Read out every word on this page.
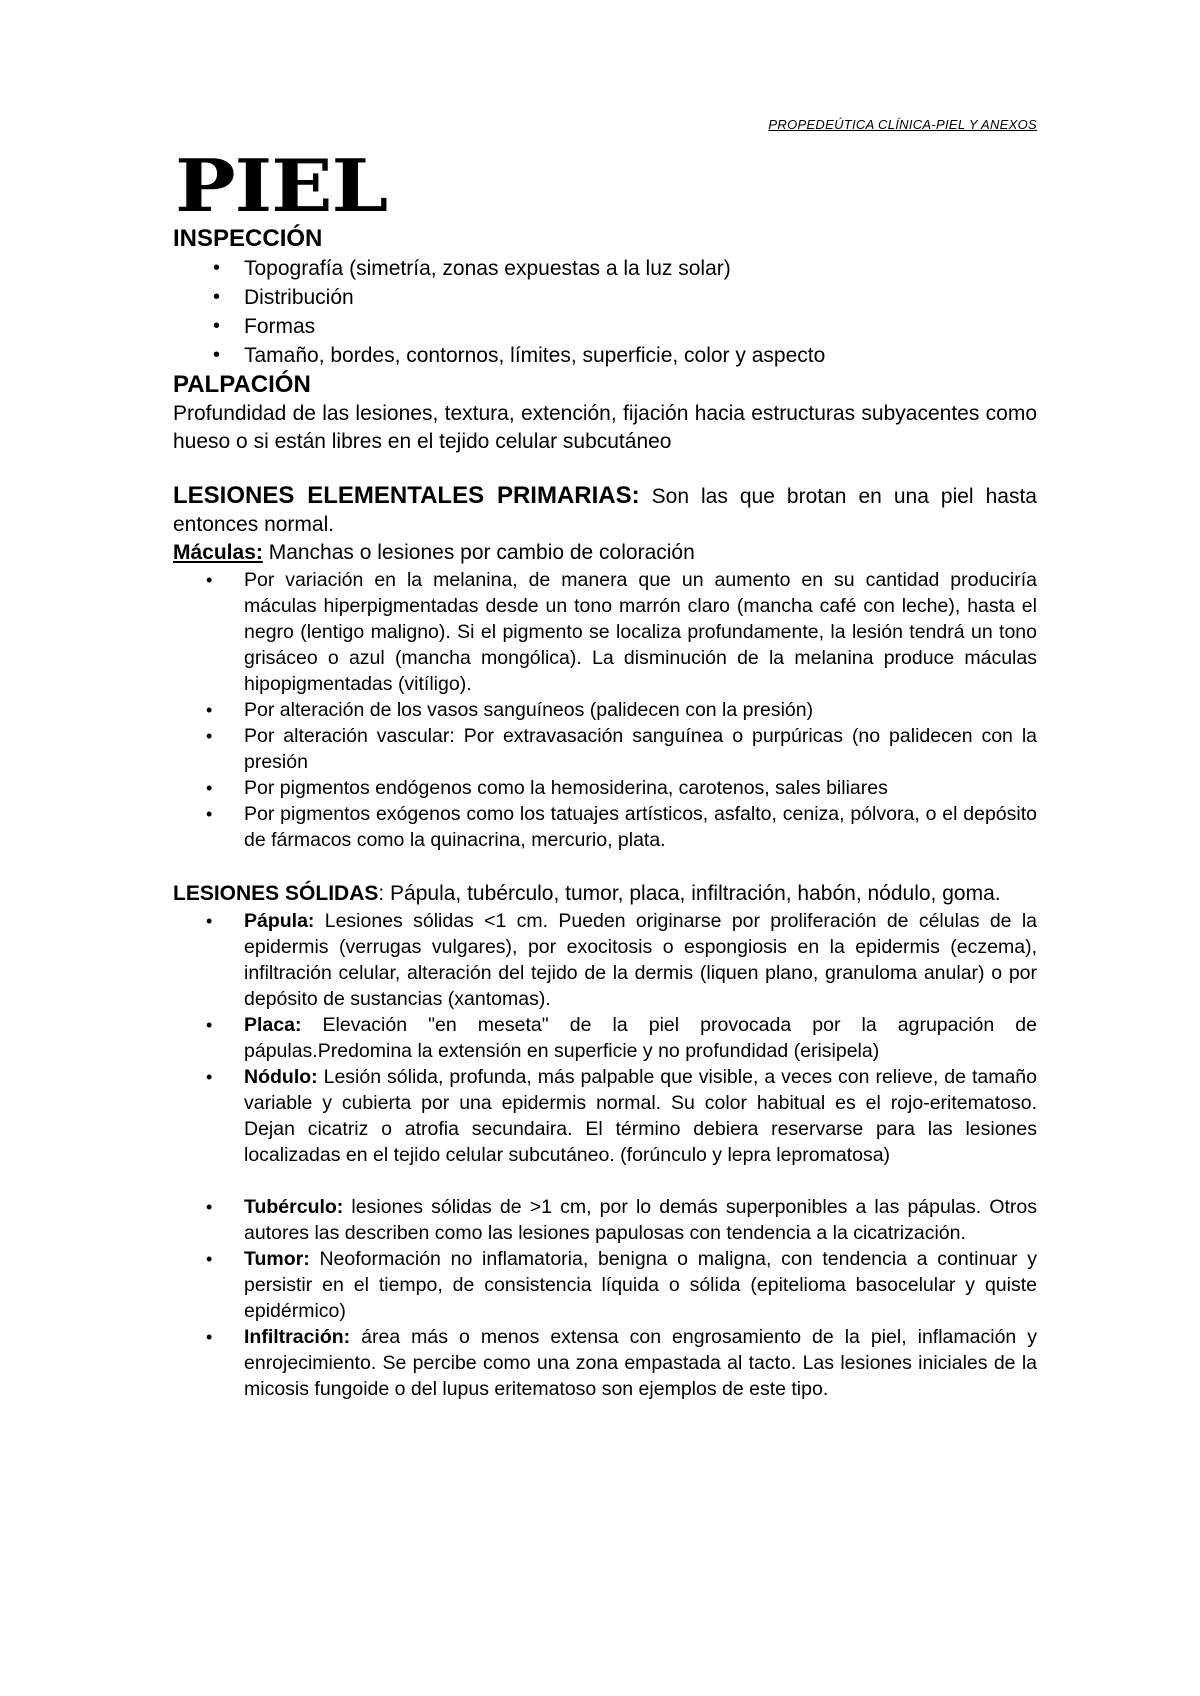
PROPEDEÚTICA CLÍNICA-PIEL Y ANEXOS
PIEL
INSPECCIÓN
• Topografía (simetría, zonas expuestas a la luz solar)
• Distribución
• Formas
• Tamaño, bordes, contornos, límites, superficie, color y aspecto
PALPACIÓN

Profundidad de las lesiones, textura, extención, fijación hacia estructuras subyacentes como hueso o si están libres en el tejido celular subcutáneo

LESIONES ELEMENTALES PRIMARIAS: Son las que brotan en una piel hasta entonces normal.

Máculas: Manchas o lesiones por cambio de coloración

• Por variación en la melanina, de manera que un aumento en su cantidad produciría máculas hiperpigmentadas desde un tono marrón claro (mancha café con leche), hasta el negro (lentigo maligno). Si el pigmento se localiza profundamente, la lesión tendrá un tono grisáceo o azul (mancha mongólica). La disminución de la melanina produce máculas hipopigmentadas (vitíligo).
• Por alteración de los vasos sanguíneos (palidecen con la presión)
• Por alteración vascular: Por extravasación sanguínea o purpúricas (no palidecen con la presión
• Por pigmentos endógenos como la hemosiderina, carotenos, sales biliares
• Por pigmentos exógenos como los tatuajes artísticos, asfalto, ceniza, pólvora, o el depósito de fármacos como la quinacrina, mercurio, plata.

LESIONES SÓLIDAS: Pápula, tubérculo, tumor, placa, infiltración, habón, nódulo, goma.

• Pápula: Lesiones sólidas <1 cm. Pueden originarse por proliferación de células de la epidermis (verrugas vulgares), por exocitosis o espongiosis en la epidermis (eczema), infiltración celular, alteración del tejido de la dermis (liquen plano, granuloma anular) o por depósito de sustancias (xantomas).
• Placa: Elevación "en meseta" de la piel provocada por la agrupación de pápulas.Predomina la extensión en superficie y no profundidad (erisipela)
• Nódulo: Lesión sólida, profunda, más palpable que visible, a veces con relieve, de tamaño variable y cubierta por una epidermis normal. Su color habitual es el rojo-eritematoso. Dejan cicatriz o atrofia secundaira. El término debiera reservarse para las lesiones localizadas en el tejido celular subcutáneo. (forúnculo y lepra lepromatosa)
• Tubérculo: lesiones sólidas de >1 cm, por lo demás superponibles a las pápulas. Otros autores las describen como las lesiones papulosas con tendencia a la cicatrización.
• Tumor: Neoformación no inflamatoria, benigna o maligna, con tendencia a continuar y persistir en el tiempo, de consistencia líquida o sólida (epitelioma basocelular y quiste epidérmico)
• Infiltración: área más o menos extensa con engrosamiento de la piel, inflamación y enrojecimiento. Se percibe como una zona empastada al tacto. Las lesiones iniciales de la micosis fungoide o del lupus eritematoso son ejemplos de este tipo.
